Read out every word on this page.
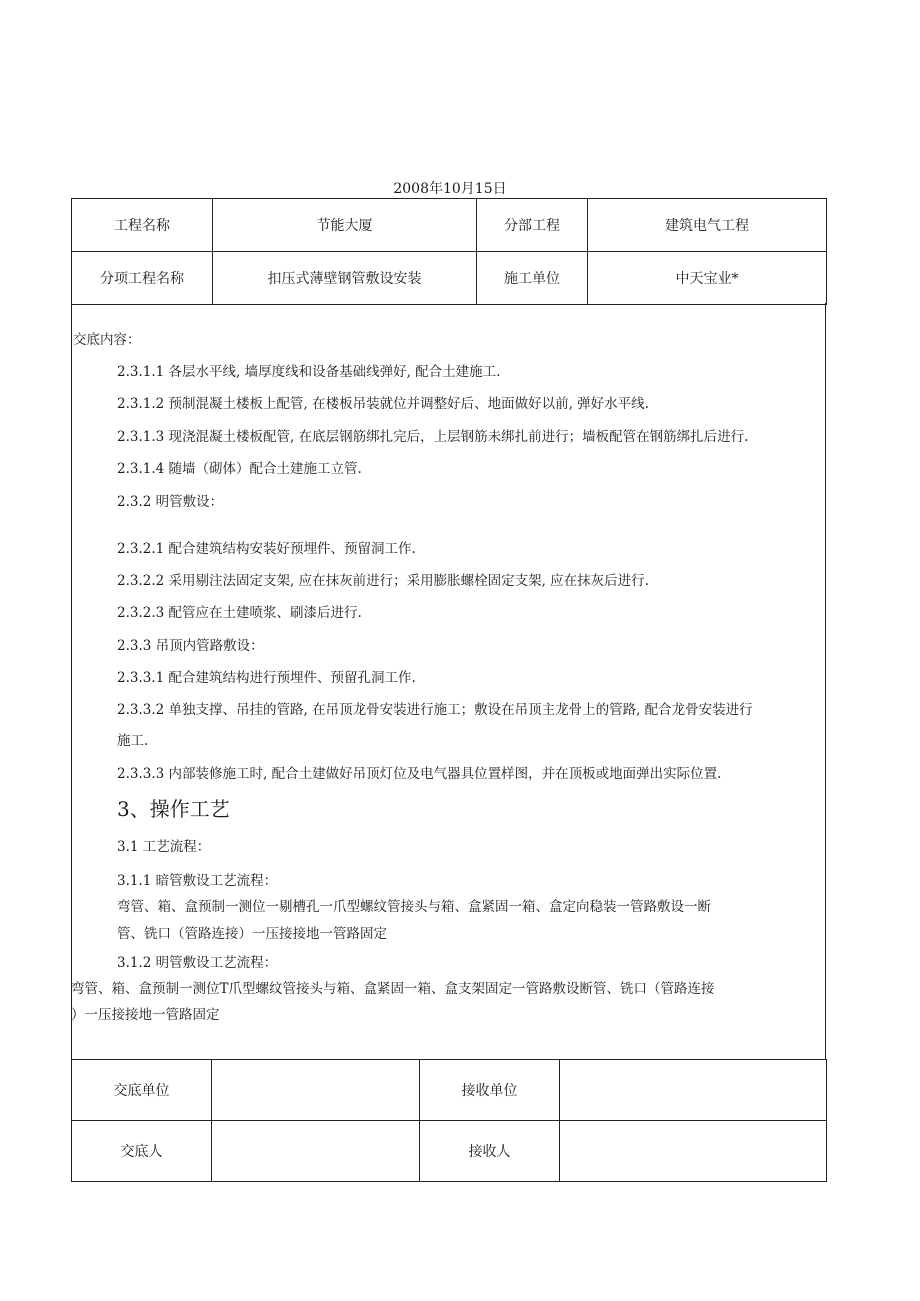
2008年10月15日
工程名称	节能大厦	分部工程	建筑电气工程
分项工程名称	扣压式薄壁钢管敷设安装	施工单位	中天宝业*
交底内容：
2.3.1.1 各层水平线, 墙厚度线和设备基础线弹好, 配合土建施工.
2.3.1.2 预制混凝土楼板上配管, 在楼板吊装就位并调整好后、地面做好以前, 弹好水平线.
2.3.1.3 现浇混凝土楼板配管, 在底层钢筋绑扎完后，上层钢筋未绑扎前进行；墙板配管在钢筋绑扎后进行.
2.3.1.4 随墙（砌体）配合土建施工立管.
2.3.2 明管敷设：
2.3.2.1 配合建筑结构安装好预埋件、预留洞工作.
2.3.2.2 采用剔注法固定支架, 应在抹灰前进行；采用膨胀螺栓固定支架, 应在抹灰后进行.
2.3.2.3 配管应在土建喷浆、刷漆后进行.
2.3.3 吊顶内管路敷设：
2.3.3.1 配合建筑结构进行预埋件、预留孔洞工作.
2.3.3.2 单独支撑、吊挂的管路, 在吊顶龙骨安装进行施工；敷设在吊顶主龙骨上的管路, 配合龙骨安装进行
施工.
2.3.3.3 内部装修施工时, 配合土建做好吊顶灯位及电气器具位置样图，并在顶板或地面弹出实际位置.
3、操作工艺
3.1 工艺流程：
3.1.1 暗管敷设工艺流程：
弯管、箱、盒预制一测位一剔槽孔一爪型螺纹管接头与箱、盒紧固一箱、盒定向稳装一管路敷设一断
管、铣口（管路连接）一压接接地一管路固定
3.1.2 明管敷设工艺流程：
弯管、箱、盒预制一测位T爪型螺纹管接头与箱、盒紧固一箱、盒支架固定一管路敷设断管、铣口（管路连接
）一压接接地一管路固定
交底单位		接收单位	
交底人		接收人	
